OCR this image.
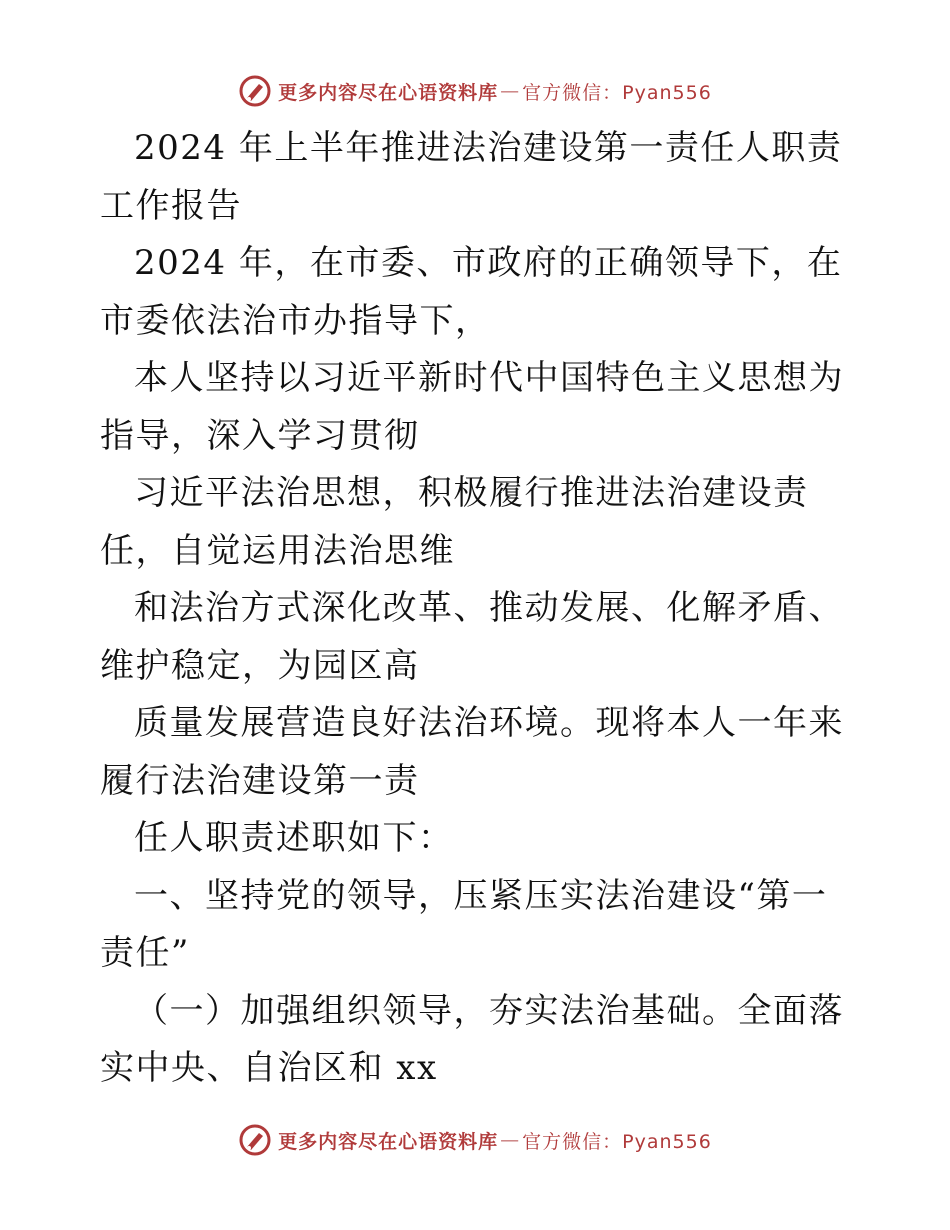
更多内容尽在心语资料库 — 官方微信：Pyan556

2024 年上半年推进法治建设第一责任人职责工作报告

2024 年，在市委、市政府的正确领导下，在市委依法治市办指导下，

本人坚持以习近平新时代中国特色主义思想为指导，深入学习贯彻

习近平法治思想，积极履行推进法治建设责任，自觉运用法治思维

和法治方式深化改革、推动发展、化解矛盾、维护稳定，为园区高

质量发展营造良好法治环境。现将本人一年来履行法治建设第一责

任人职责述职如下：

一、坚持党的领导，压紧压实法治建设“第一责任”

（一）加强组织领导，夯实法治基础。全面落实中央、自治区和 xx

更多内容尽在心语资料库 — 官方微信：Pyan556
